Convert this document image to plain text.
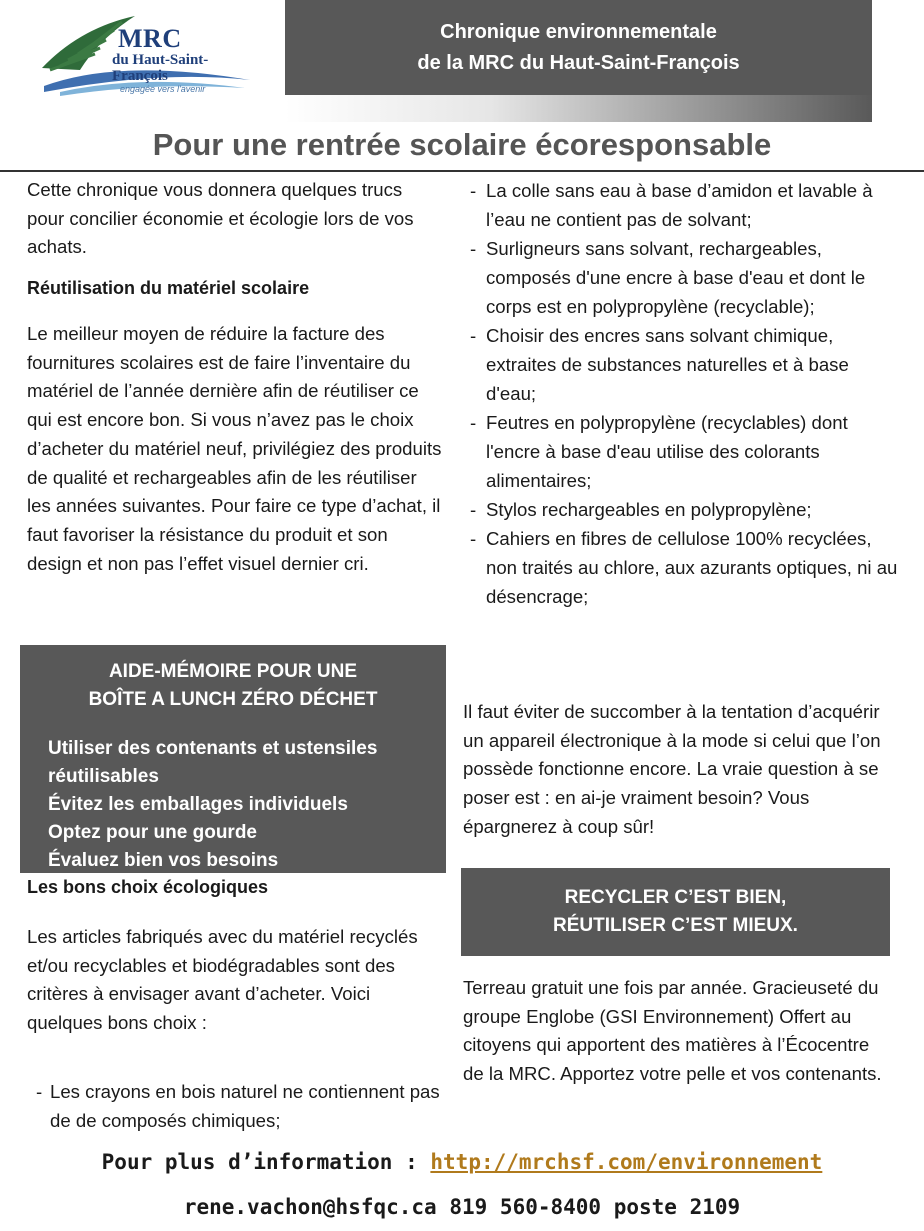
MRC
du Haut-Saint-François
engagée vers l'avenir
Chronique environnementale
de la MRC du Haut-Saint-François
Pour une rentrée scolaire écoresponsable

Cette chronique vous donnera quelques trucs pour concilier économie et écologie lors de vos achats.

Réutilisation du matériel scolaire

Le meilleur moyen de réduire la facture des fournitures scolaires est de faire l’inventaire du matériel de l’année dernière afin de réutiliser ce qui est encore bon. Si vous n’avez pas le choix d’acheter du matériel neuf, privilégiez des produits de qualité et rechargeables afin de les réutiliser les années suivantes. Pour faire ce type d’achat, il faut favoriser la résistance du produit et son design et non pas l’effet visuel dernier cri.

AIDE-MÉMOIRE POUR UNE
BOÎTE A LUNCH ZÉRO DÉCHET
Utiliser des contenants et ustensiles réutilisables
Évitez les emballages individuels
Optez pour une gourde
Évaluez bien vos besoins
Les bons choix écologiques

Les articles fabriqués avec du matériel recyclés et/ou recyclables et biodégradables sont des critères à envisager avant d’acheter. Voici quelques bons choix :

- Les crayons en bois naturel ne contiennent pas de de composés chimiques;
- La colle sans eau à base d’amidon et lavable à l’eau ne contient pas de solvant;
- Surligneurs sans solvant, rechargeables, composés d'une encre à base d'eau et dont le corps est en polypropylène (recyclable);
- Choisir des encres sans solvant chimique, extraites de substances naturelles et à base d'eau;
- Feutres en polypropylène (recyclables) dont l'encre à base d'eau utilise des colorants alimentaires;
- Stylos rechargeables en polypropylène;
- Cahiers en fibres de cellulose 100% recyclées, non traités au chlore, aux azurants optiques, ni au désencrage;

Il faut éviter de succomber à la tentation d’acquérir un appareil électronique à la mode si celui que l’on possède fonctionne encore. La vraie question à se poser est : en ai-je vraiment besoin? Vous épargnerez à coup sûr!

RECYCLER C’EST BIEN,
RÉUTILISER C’EST MIEUX.

Terreau gratuit une fois par année. Gracieuseté du groupe Englobe (GSI Environnement) Offert au citoyens qui apportent des matières à l’Écocentre de la MRC. Apportez votre pelle et vos contenants.

Pour plus d’information : http://mrchsf.com/environnement
rene.vachon@hsfqc.ca 819 560-8400 poste 2109
